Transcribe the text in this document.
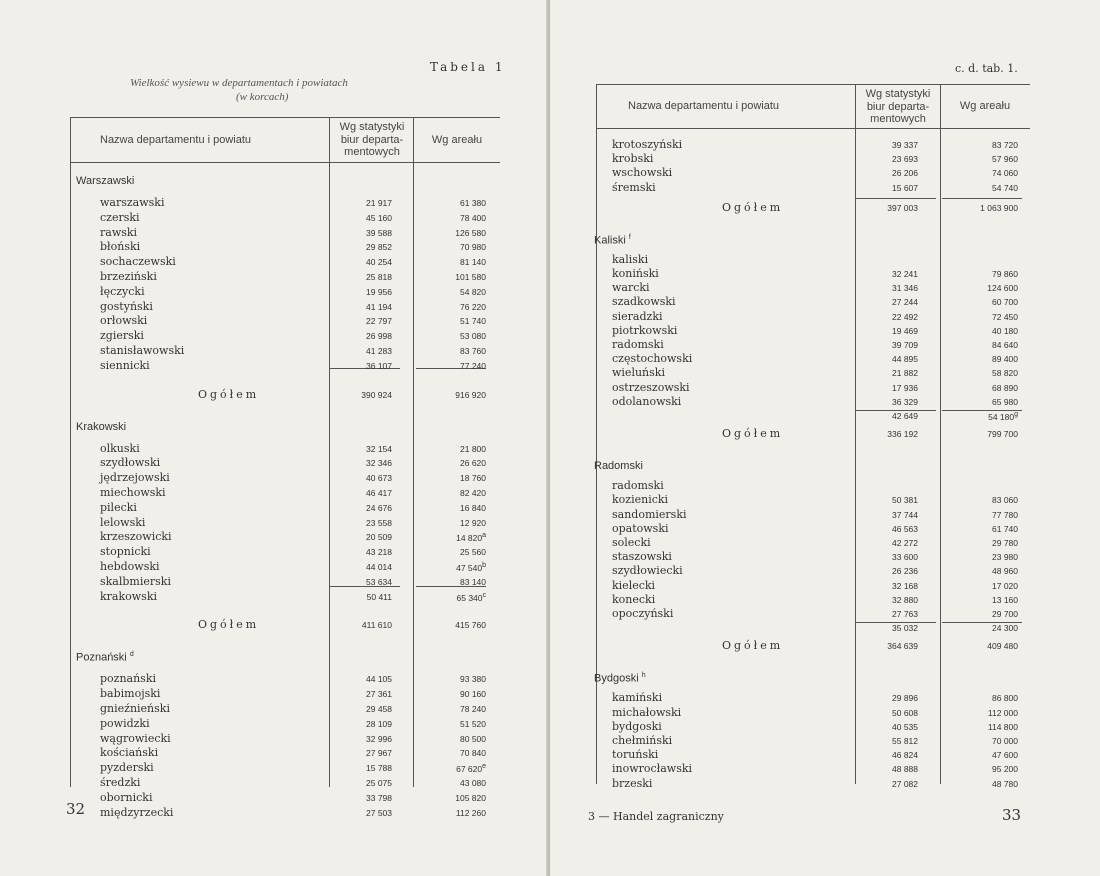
Tabela 1
Wielkość wysiewu w departamentach i powiatach
(w korcach)
Nazwa departamentu i powiatu
Wg statystyki
biur departa-
mentowych
Wg areału
Warszawski
warszawski	21 917	61 380
czerski	45 160	78 400
rawski	39 588	126 580
błoński	29 852	70 980
sochaczewski	40 254	81 140
brzeziński	25 818	101 580
łęczycki	19 956	54 820
gostyński	41 194	76 220
orłowski	22 797	51 740
zgierski	26 998	53 080
stanisławowski	41 283	83 760
siennicki	36 107	77 240
Ogółem	390 924	916 920
Krakowski
olkuski	32 154	21 800
szydłowski	32 346	26 620
jędrzejowski	40 673	18 760
miechowski	46 417	82 420
pilecki	24 676	16 840
lelowski	23 558	12 920
krzeszowicki	20 509	14 820$^a$
stopnicki	43 218	25 560
hebdowski	44 014	47 540$^b$
skalbmierski	53 634	83 140
krakowski	50 411	65 340$^c$
Ogółem	411 610	415 760
Poznański $^d$
poznański	44 105	93 380
babimojski	27 361	90 160
gnieźnieński	29 458	78 240
powidzki	28 109	51 520
wągrowiecki	32 996	80 500
kościański	27 967	70 840
pyzderski	15 788	67 620e
średzki	25 075	43 080
obornicki	33 798	105 820
międzyrzecki	27 503	112 260
32
c. d. tab. 1.
Nazwa departamentu i powiatu
Wg statystyki
biur departa-
mentowych
Wg areału
krotoszyński	39 337	83 720
krobski	23 693	57 960
wschowski	26 206	74 060
śremski	15 607	54 740
Ogółem	397 003	1 063 900
Kaliski $^f$
kaliski
koniński	32 241	79 860
warcki	31 346	124 600
szadkowski	27 244	60 700
sieradzki	22 492	72 450
piotrkowski	19 469	40 180
radomski	39 709	84 640
częstochowski	44 895	89 400
wieluński	21 882	58 820
ostrzeszowski	17 936	68 890
odolanowski	36 329	65 980
42 649	54 180$^g$
Ogółem	336 192	799 700
Radomski
radomski
kozienicki	50 381	83 060
sandomierski	37 744	77 780
opatowski	46 563	61 740
solecki	42 272	29 780
staszowski	33 600	23 980
szydłowiecki	26 236	48 960
kielecki	32 168	17 020
konecki	32 880	13 160
opoczyński	27 763	29 700
35 032	24 300
Ogółem	364 639	409 480
Bydgoski $^h$
kamiński	29 896	86 800
michałowski	50 608	112 000
bydgoski	40 535	114 800
chełmiński	55 812	70 000
toruński	46 824	47 600
inowrocławski	48 888	95 200
brzeski	27 082	48 780
3 — Handel zagraniczny	33
